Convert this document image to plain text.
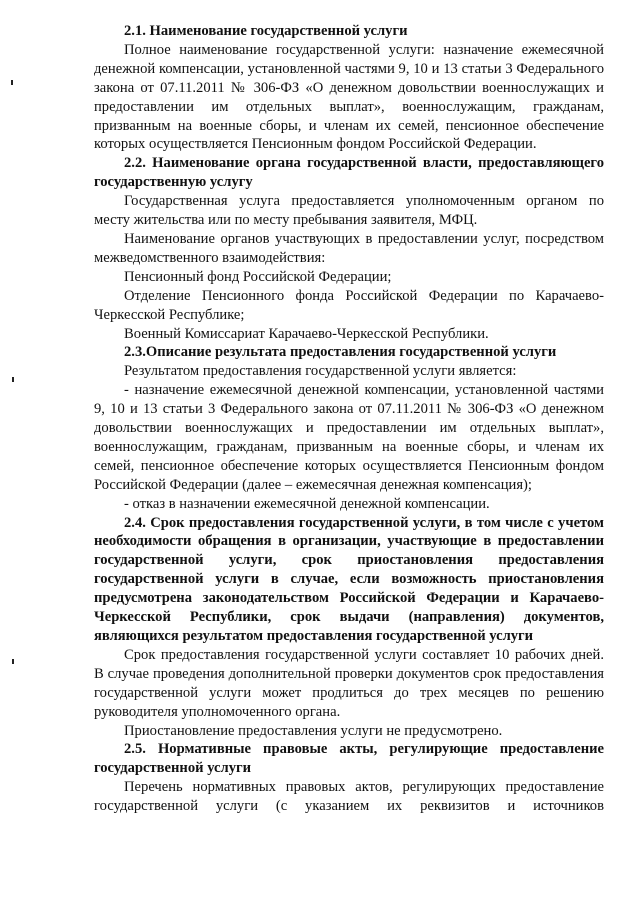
2.1. Наименование государственной услуги

Полное наименование государственной услуги: назначение ежемесячной денежной компенсации, установленной частями 9, 10 и 13 статьи 3 Федерального закона от 07.11.2011 № 306-ФЗ «О денежном довольствии военнослужащих и предоставлении им отдельных выплат», военнослужащим, гражданам, призванным на военные сборы, и членам их семей, пенсионное обеспечение которых осуществляется Пенсионным фондом Российской Федерации.

2.2. Наименование органа государственной власти, предоставляющего государственную услугу

Государственная услуга предоставляется уполномоченным органом по месту жительства или по месту пребывания заявителя, МФЦ.

Наименование органов участвующих в предоставлении услуг, посредством межведомственного взаимодействия:

Пенсионный фонд Российской Федерации;

Отделение Пенсионного фонда Российской Федерации по Карачаево-Черкесской Республике;

Военный Комиссариат Карачаево-Черкесской Республики.

2.3.Описание результата предоставления государственной услуги

Результатом предоставления государственной услуги является:

- назначение ежемесячной денежной компенсации, установленной частями 9, 10 и 13 статьи 3 Федерального закона от 07.11.2011 № 306-ФЗ «О денежном довольствии военнослужащих и предоставлении им отдельных выплат», военнослужащим, гражданам, призванным на военные сборы, и членам их семей, пенсионное обеспечение которых осуществляется Пенсионным фондом Российской Федерации (далее – ежемесячная денежная компенсация);

- отказ в назначении ежемесячной денежной компенсации.

2.4. Срок предоставления государственной услуги, в том числе с учетом необходимости обращения в организации, участвующие в предоставлении государственной услуги, срок приостановления предоставления государственной услуги в случае, если возможность приостановления предусмотрена законодательством Российской Федерации и Карачаево-Черкесской Республики, срок выдачи (направления) документов, являющихся результатом предоставления государственной услуги

Срок предоставления государственной услуги составляет 10 рабочих дней. В случае проведения дополнительной проверки документов срок предоставления государственной услуги может продлиться до трех месяцев по решению руководителя уполномоченного органа.

Приостановление предоставления услуги не предусмотрено.

2.5. Нормативные правовые акты, регулирующие предоставление государственной услуги

Перечень нормативных правовых актов, регулирующих предоставление государственной услуги (с указанием их реквизитов и источников
